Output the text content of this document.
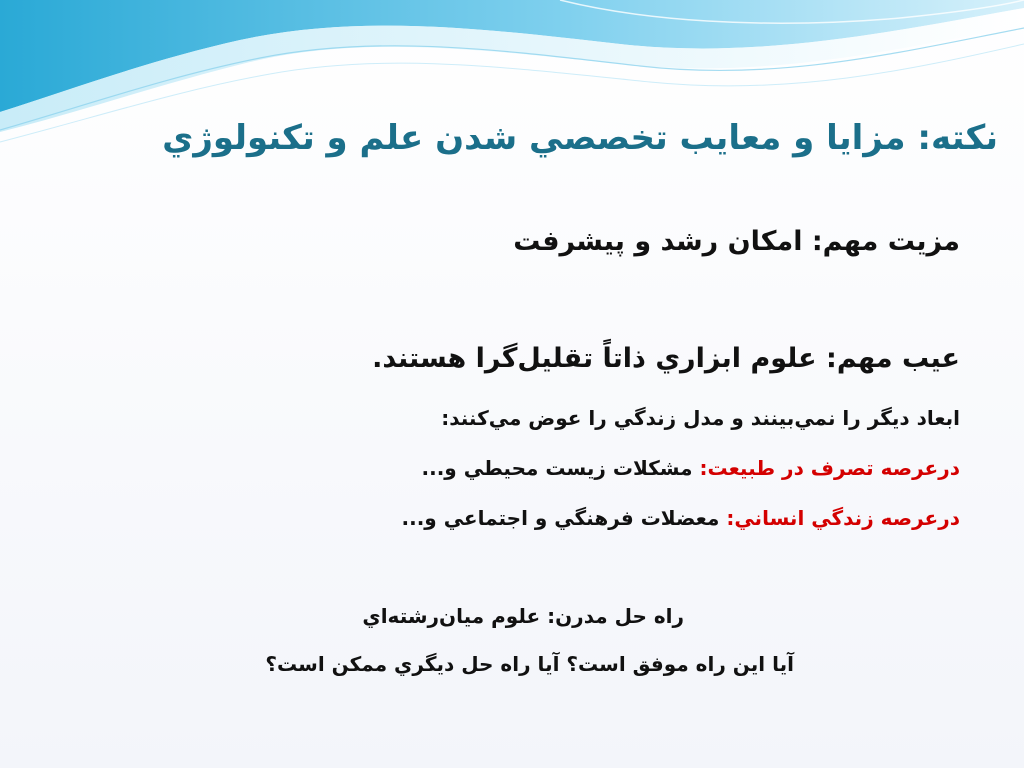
نكته: مزايا و معايب تخصصي شدن علم و تكنولوژي
مزيت مهم: امكان رشد و پيشرفت
عيب مهم: علوم ابزاري ذاتاً تقليل‌گرا هستند.
ابعاد ديگر را نمي‌بينند و مدل زندگي را عوض مي‌كنند:
درعرصه تصرف در طبيعت: مشكلات زيست محيطي و...
درعرصه زندگي انساني: معضلات فرهنگي و اجتماعي و...
راه حل مدرن: علوم ميان‌رشته‌اي
آيا اين راه موفق است؟ آيا راه حل ديگري ممكن است؟
